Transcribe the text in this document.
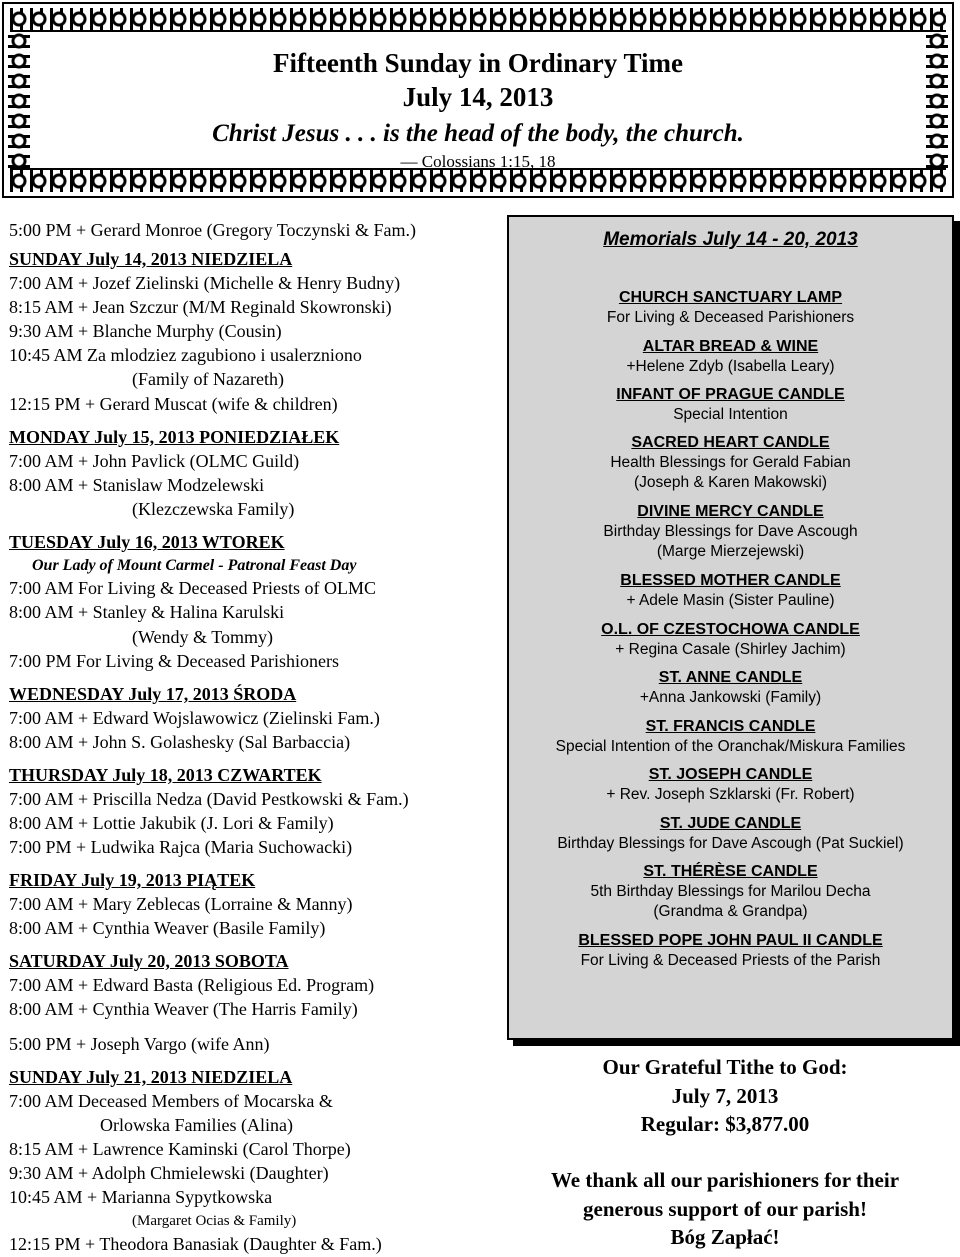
Fifteenth Sunday in Ordinary Time
July 14, 2013
Christ Jesus . . . is the head of the body, the church.
— Colossians 1:15, 18
5:00 PM + Gerard Monroe (Gregory Toczynski & Fam.)
SUNDAY July 14, 2013 NIEDZIELA
7:00 AM + Jozef Zielinski (Michelle & Henry Budny)
8:15 AM + Jean Szczur (M/M Reginald Skowronski)
9:30 AM + Blanche Murphy (Cousin)
10:45 AM Za mlodziez zagubiono i usalerzniono
(Family of Nazareth)
12:15 PM + Gerard Muscat (wife & children)
MONDAY July 15, 2013 PONIEDZIAŁEK
7:00 AM + John Pavlick (OLMC Guild)
8:00 AM + Stanislaw Modzelewski
(Klezczewska Family)
TUESDAY July 16, 2013 WTOREK
Our Lady of Mount Carmel - Patronal Feast Day
7:00 AM For Living & Deceased Priests of OLMC
8:00 AM + Stanley & Halina Karulski
(Wendy & Tommy)
7:00 PM For Living & Deceased Parishioners
WEDNESDAY July 17, 2013 ŚRODA
7:00 AM + Edward Wojslawowicz (Zielinski Fam.)
8:00 AM + John S. Golashesky (Sal Barbaccia)
THURSDAY July 18, 2013 CZWARTEK
7:00 AM + Priscilla Nedza (David Pestkowski & Fam.)
8:00 AM + Lottie Jakubik (J. Lori & Family)
7:00 PM + Ludwika Rajca (Maria Suchowacki)
FRIDAY July 19, 2013 PIĄTEK
7:00 AM + Mary Zeblecas (Lorraine & Manny)
8:00 AM + Cynthia Weaver (Basile Family)
SATURDAY July 20, 2013 SOBOTA
7:00 AM + Edward Basta (Religious Ed. Program)
8:00 AM + Cynthia Weaver (The Harris Family)
5:00 PM + Joseph Vargo (wife Ann)
SUNDAY July 21, 2013 NIEDZIELA
7:00 AM Deceased Members of Mocarska &
Orlowska Families (Alina)
8:15 AM + Lawrence Kaminski (Carol Thorpe)
9:30 AM + Adolph Chmielewski (Daughter)
10:45 AM + Marianna Sypytkowska
(Margaret Ocias & Family)
12:15 PM + Theodora Banasiak (Daughter & Fam.)
Memorials July 14 - 20, 2013
CHURCH SANCTUARY LAMP
For Living & Deceased Parishioners
ALTAR BREAD & WINE
+Helene Zdyb (Isabella Leary)
INFANT OF PRAGUE CANDLE
Special Intention
SACRED HEART CANDLE
Health Blessings for Gerald Fabian
(Joseph & Karen Makowski)
DIVINE MERCY CANDLE
Birthday Blessings for Dave Ascough
(Marge Mierzejewski)
BLESSED MOTHER CANDLE
+ Adele Masin (Sister Pauline)
O.L. OF CZESTOCHOWA CANDLE
+ Regina Casale (Shirley Jachim)
ST. ANNE CANDLE
+Anna Jankowski (Family)
ST. FRANCIS CANDLE
Special Intention of the Oranchak/Miskura Families
ST. JOSEPH CANDLE
+ Rev. Joseph Szklarski (Fr. Robert)
ST. JUDE CANDLE
Birthday Blessings for Dave Ascough (Pat Suckiel)
ST. THÉRÈSE CANDLE
5th Birthday Blessings for Marilou Decha
(Grandma & Grandpa)
BLESSED POPE JOHN PAUL II CANDLE
For Living & Deceased Priests of the Parish
Our Grateful Tithe to God:
July 7, 2013
Regular: $3,877.00
We thank all our parishioners for their
generous support of our parish!
Bóg Zapłać!
